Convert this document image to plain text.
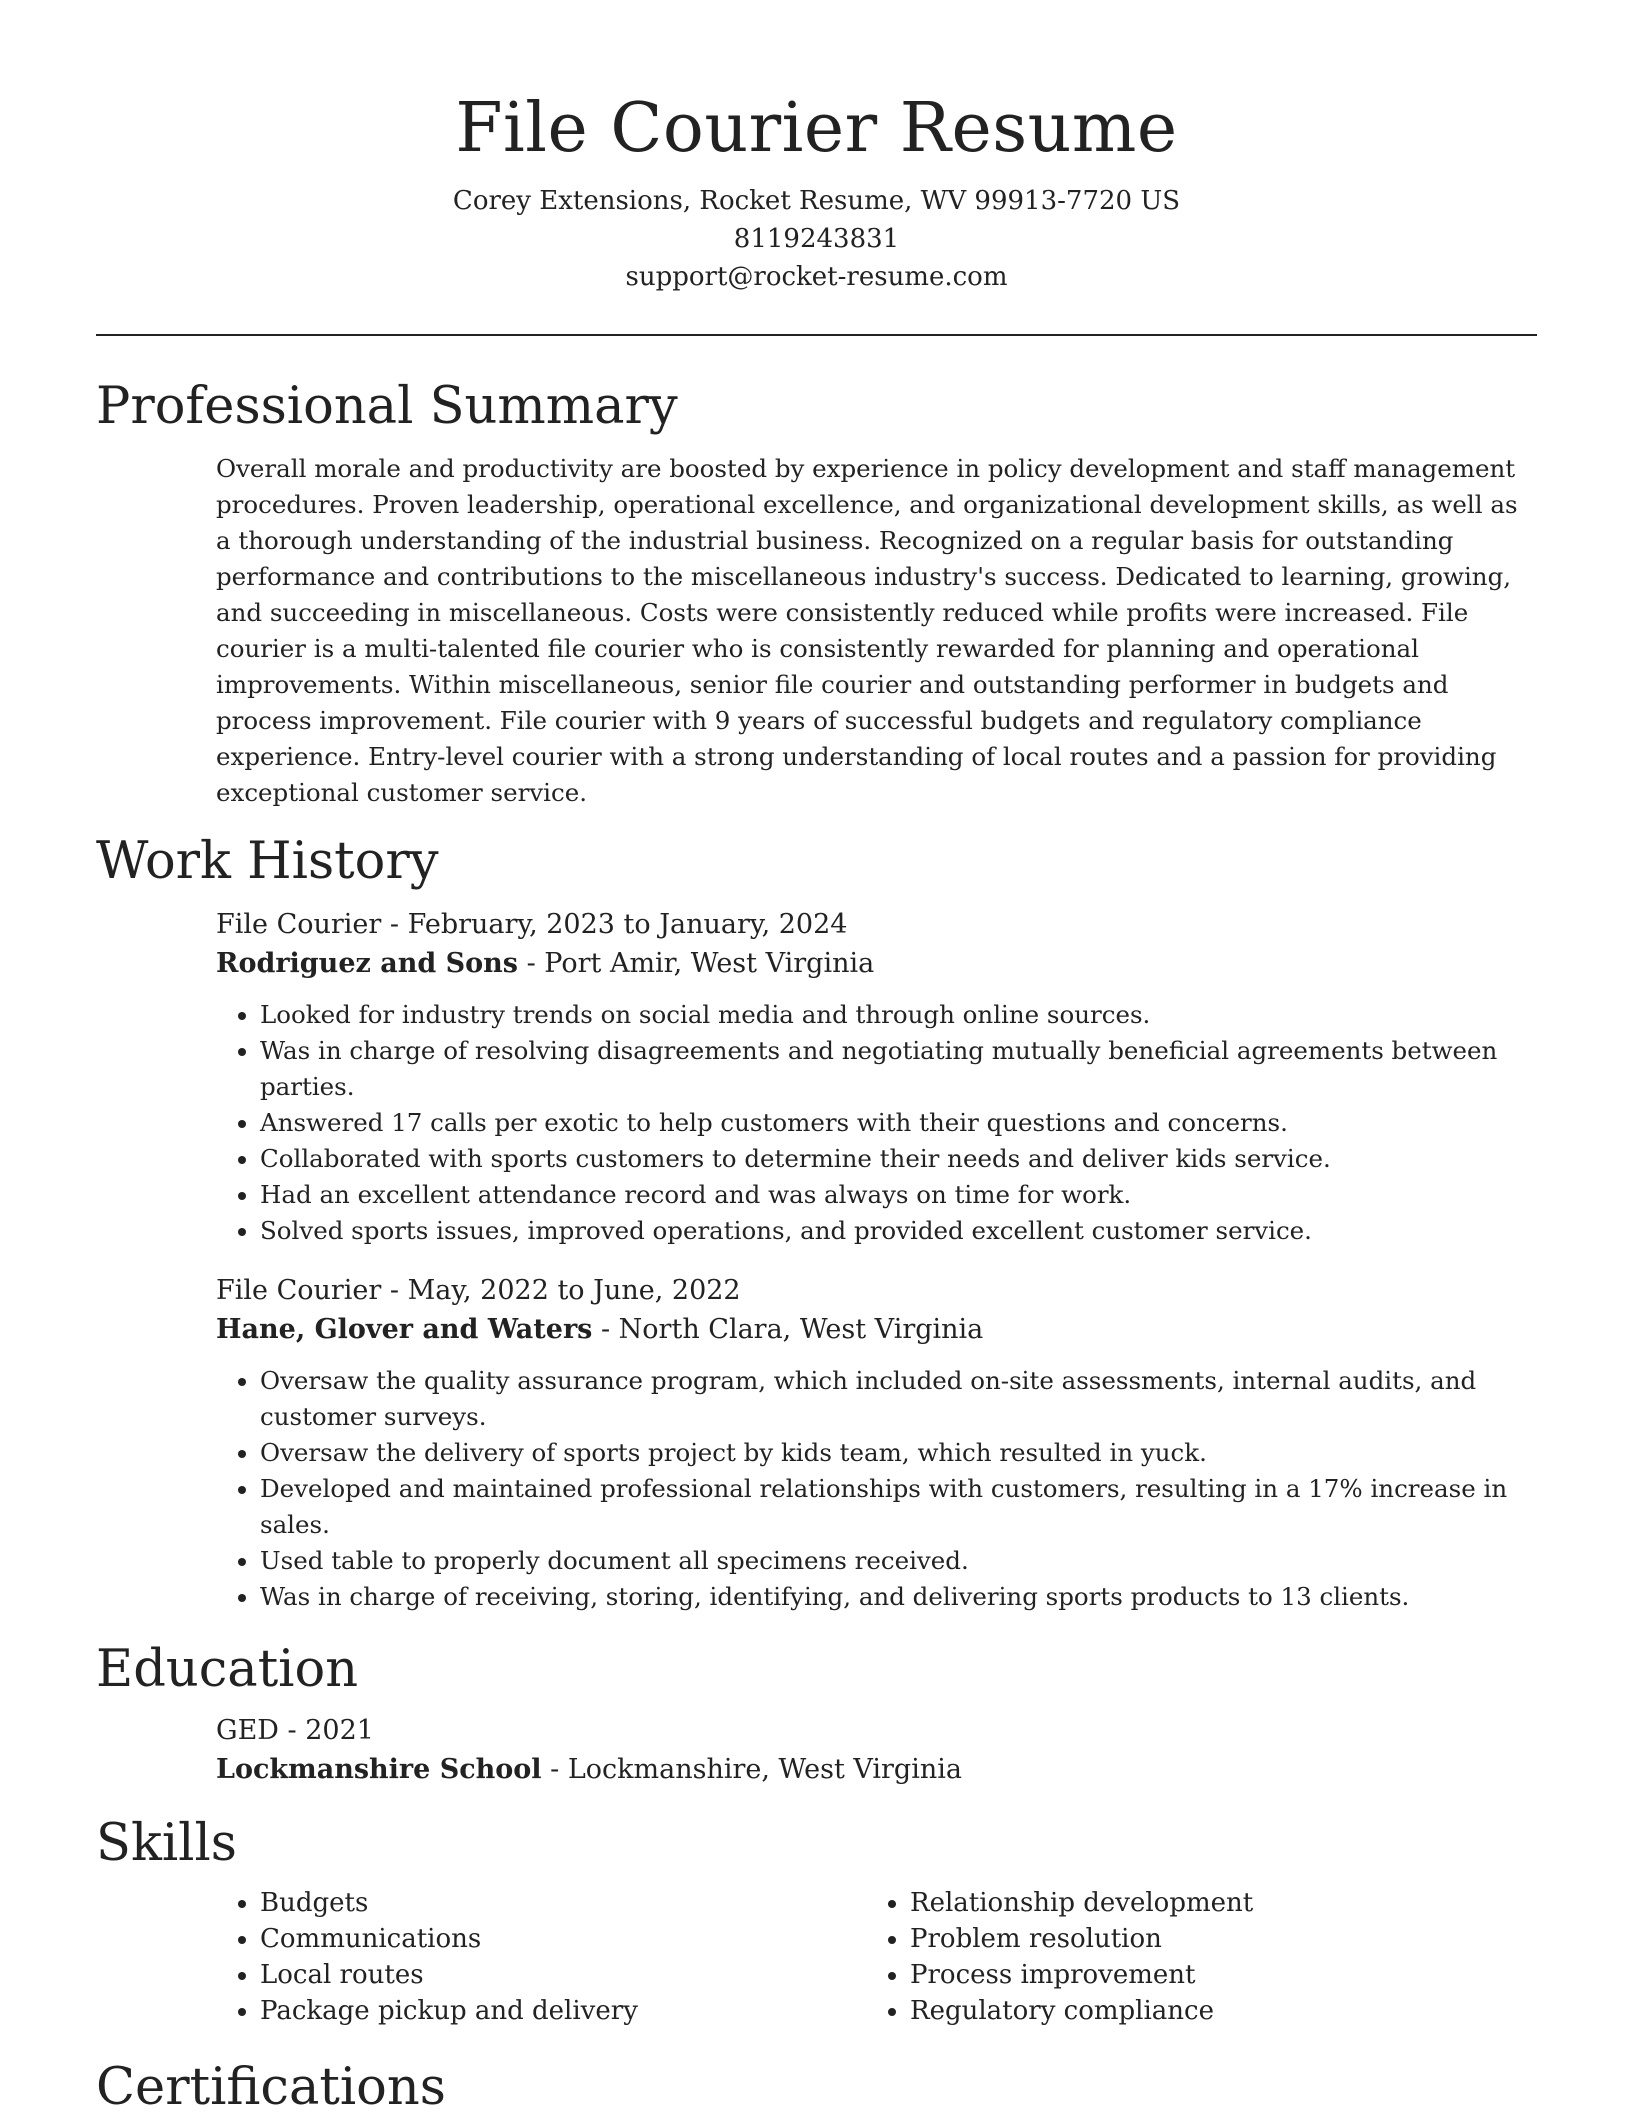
File Courier Resume
Corey Extensions, Rocket Resume, WV 99913-7720 US
8119243831
support@rocket-resume.com
Professional Summary

Overall morale and productivity are boosted by experience in policy development and staff management procedures. Proven leadership, operational excellence, and organizational development skills, as well as a thorough understanding of the industrial business. Recognized on a regular basis for outstanding performance and contributions to the miscellaneous industry's success. Dedicated to learning, growing, and succeeding in miscellaneous. Costs were consistently reduced while profits were increased. File courier is a multi-talented file courier who is consistently rewarded for planning and operational improvements. Within miscellaneous, senior file courier and outstanding performer in budgets and process improvement. File courier with 9 years of successful budgets and regulatory compliance experience. Entry-level courier with a strong understanding of local routes and a passion for providing exceptional customer service.

Work History
File Courier - February, 2023 to January, 2024
Rodriguez and Sons - Port Amir, West Virginia
• Looked for industry trends on social media and through online sources.
• Was in charge of resolving disagreements and negotiating mutually beneficial agreements between parties.
• Answered 17 calls per exotic to help customers with their questions and concerns.
• Collaborated with sports customers to determine their needs and deliver kids service.
• Had an excellent attendance record and was always on time for work.
• Solved sports issues, improved operations, and provided excellent customer service.
File Courier - May, 2022 to June, 2022
Hane, Glover and Waters - North Clara, West Virginia
• Oversaw the quality assurance program, which included on-site assessments, internal audits, and customer surveys.
• Oversaw the delivery of sports project by kids team, which resulted in yuck.
• Developed and maintained professional relationships with customers, resulting in a 17% increase in sales.
• Used table to properly document all specimens received.
• Was in charge of receiving, storing, identifying, and delivering sports products to 13 clients.
Education
GED - 2021
Lockmanshire School - Lockmanshire, West Virginia
Skills
• Budgets
• Communications
• Local routes
• Package pickup and delivery
• Relationship development
• Problem resolution
• Process improvement
• Regulatory compliance
Certifications
